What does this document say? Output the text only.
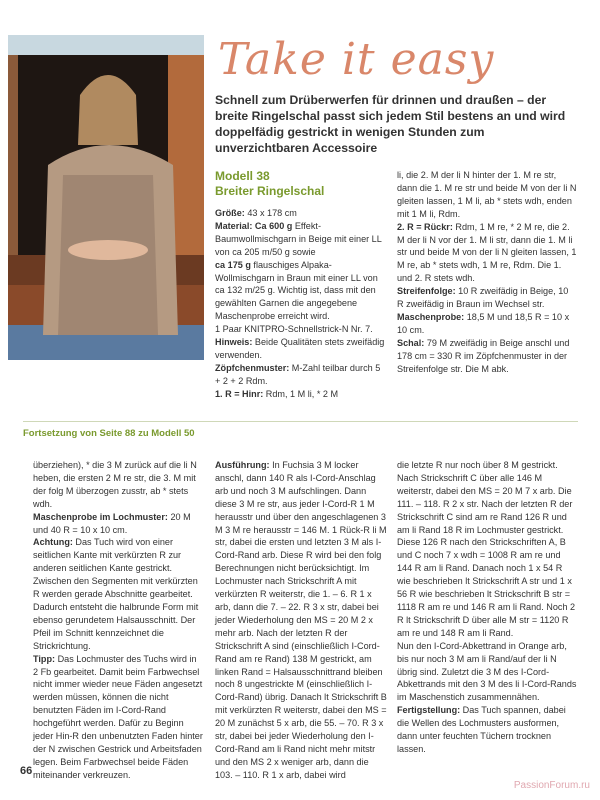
Take it easy
Schnell zum Drüberwerfen für drinnen und draußen – der breite Ringelschal passt sich jedem Stil bestens an und wird doppelfädig gestrickt in wenigen Stunden zum unverzichtbaren Accessoire
Modell 38
Breiter Ringelschal

Größe: 43 x 178 cm

Material: Ca 600 g Effekt-Baumwollmischgarn in Beige mit einer LL von ca 205 m/50 g sowie

ca 175 g flauschiges Alpaka-Wollmischgarn in Braun mit einer LL von ca 132 m/25 g. Wichtig ist, dass mit den gewählten Garnen die angegebene Maschenprobe erreicht wird.

1 Paar KNITPRO-Schnellstrick-N Nr. 7.

Hinweis: Beide Qualitäten stets zweifädig verwenden.

Zöpfchenmuster: M-Zahl teilbar durch 5 + 2 + 2 Rdm.

1. R = Hinr: Rdm, 1 M li, * 2 M

li, die 2. M der li N hinter der 1. M re str, dann die 1. M re str und beide M von der li N gleiten lassen, 1 M li, ab * stets wdh, enden mit 1 M li, Rdm.

2. R = Rückr: Rdm, 1 M re, * 2 M re, die 2. M der li N vor der 1. M li str, dann die 1. M li str und beide M von der li N gleiten lassen, 1 M re, ab * stets wdh, 1 M re, Rdm. Die 1. und 2. R stets wdh.

Streifenfolge: 10 R zweifädig in Beige, 10 R zweifädig in Braun im Wechsel str.

Maschenprobe: 18,5 M und 18,5 R = 10 x 10 cm.

Schal: 79 M zweifädig in Beige anschl und 178 cm = 330 R im Zöpfchenmuster in der Streifenfolge str. Die M abk.

Fortsetzung von Seite 88 zu Modell 50

überziehen), * die 3 M zurück auf die li N heben, die ersten 2 M re str, die 3. M mit der folg M überzogen zusstr, ab * stets wdh.

Maschenprobe im Lochmuster: 20 M und 40 R = 10 x 10 cm.

Achtung: Das Tuch wird von einer seitlichen Kante mit verkürzten R zur anderen seitlichen Kante gestrickt. Zwischen den Segmenten mit verkürzten R werden gerade Abschnitte gearbeitet. Dadurch entsteht die halbrunde Form mit ebenso gerundetem Halsausschnitt. Der Pfeil im Schnitt kennzeichnet die Strickrichtung.

Tipp: Das Lochmuster des Tuchs wird in 2 Fb gearbeitet. Damit beim Farbwechsel nicht immer wieder neue Fäden angesetzt werden müssen, können die nicht benutzten Fäden im I-Cord-Rand hochgeführt werden. Dafür zu Beginn jeder Hin-R den unbenutzten Faden hinter der N zwischen Gestrick und Arbeitsfaden legen. Beim Farbwechsel beide Fäden miteinander verkreuzen.

Ausführung: In Fuchsia 3 M locker anschl, dann 140 R als I-Cord-Anschlag arb und noch 3 M aufschlingen. Dann diese 3 M re str, aus jeder I-Cord-R 1 M herausstr und über den angeschlagenen 3 M 3 M re herausstr = 146 M. 1 Rück-R li M str, dabei die ersten und letzten 3 M als I-Cord-Rand arb. Diese R wird bei den folg Berechnungen nicht berücksichtigt. Im Lochmuster nach Strickschrift A mit verkürzten R weiterstr, die 1. – 6. R 1 x arb, dann die 7. – 22. R 3 x str, dabei bei jeder Wiederholung den MS = 20 M 2 x mehr arb. Nach der letzten R der Strickschrift A sind (einschließlich I-Cord-Rand am re Rand) 138 M gestrickt, am linken Rand = Halsausschnittrand bleiben noch 8 ungestrickte M (einschließlich I-Cord-Rand) übrig. Danach lt Strickschrift B mit verkürzten R weiterstr, dabei den MS = 20 M zunächst 5 x arb, die 55. – 70. R 3 x str, dabei bei jeder Wiederholung den I-Cord-Rand am li Rand nicht mehr mitstr und den MS 2 x weniger arb, dann die 103. – 110. R 1 x arb, dabei wird

die letzte R nur noch über 8 M gestrickt. Nach Strickschrift C über alle 146 M weiterstr, dabei den MS = 20 M 7 x arb. Die 111. – 118. R 2 x str. Nach der letzten R der Strickschrift C sind am re Rand 126 R und am li Rand 18 R im Lochmuster gestrickt. Diese 126 R nach den Strickschriften A, B und C noch 7 x wdh = 1008 R am re und 144 R am li Rand. Danach noch 1 x 54 R wie beschrieben lt Strickschrift A str und 1 x 56 R wie beschrieben lt Strickschrift B str = 1118 R am re und 146 R am li Rand. Noch 2 R lt Strickschrift D über alle M str = 1120 R am re und 148 R am li Rand.

Nun den I-Cord-Abkettrand in Orange arb, bis nur noch 3 M am li Rand/auf der li N übrig sind. Zuletzt die 3 M des I-Cord-Abkettrands mit den 3 M des li I-Cord-Rands im Maschenstich zusammennähen.

Fertigstellung: Das Tuch spannen, dabei die Wellen des Lochmusters ausformen, dann unter feuchten Tüchern trocknen lassen.

66
PassionForum.ru
